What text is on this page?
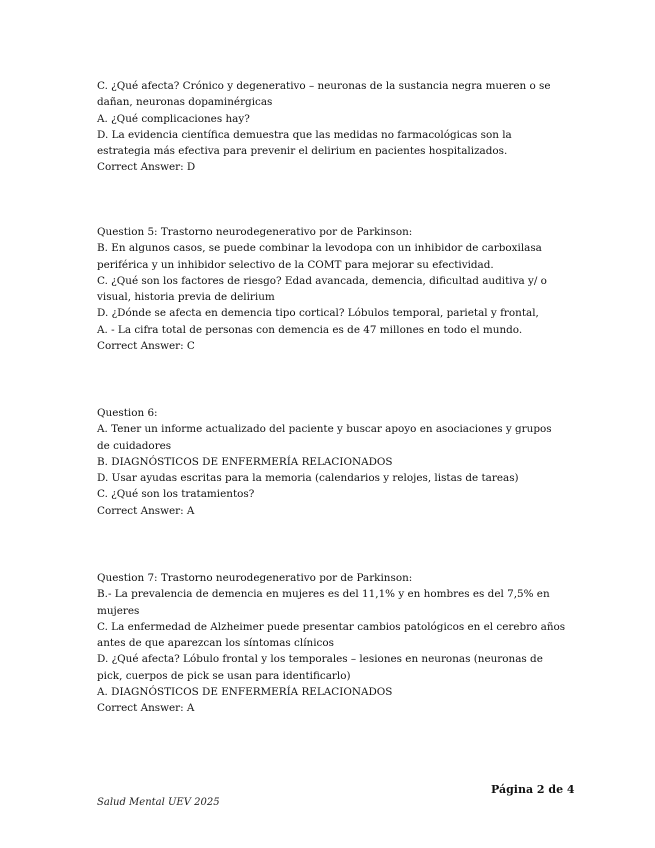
C. ¿Qué afecta? Crónico y degenerativo – neuronas de la sustancia negra mueren o se dañan, neuronas dopaminérgicas
A. ¿Qué complicaciones hay?
D. La evidencia científica demuestra que las medidas no farmacológicas son la estrategia más efectiva para prevenir el delirium en pacientes hospitalizados.
Correct Answer: D
Question 5: Trastorno neurodegenerativo por de Parkinson:
B. En algunos casos, se puede combinar la levodopa con un inhibidor de carboxilasa periférica y un inhibidor selectivo de la COMT para mejorar su efectividad.
C. ¿Qué son los factores de riesgo? Edad avancada, demencia, dificultad auditiva y/ o visual, historia previa de delirium
D. ¿Dónde se afecta en demencia tipo cortical? Lóbulos temporal, parietal y frontal,
A. - La cifra total de personas con demencia es de 47 millones en todo el mundo.
Correct Answer: C
Question 6:
A. Tener un informe actualizado del paciente y buscar apoyo en asociaciones y grupos de cuidadores
B. DIAGNÓSTICOS DE ENFERMERÍA RELACIONADOS
D. Usar ayudas escritas para la memoria (calendarios y relojes, listas de tareas)
C. ¿Qué son los tratamientos?
Correct Answer: A
Question 7: Trastorno neurodegenerativo por de Parkinson:
B.- La prevalencia de demencia en mujeres es del 11,1% y en hombres es del 7,5% en mujeres
C. La enfermedad de Alzheimer puede presentar cambios patológicos en el cerebro años antes de que aparezcan los síntomas clínicos
D. ¿Qué afecta? Lóbulo frontal y los temporales – lesiones en neuronas (neuronas de pick, cuerpos de pick se usan para identificarlo)
A. DIAGNÓSTICOS DE ENFERMERÍA RELACIONADOS
Correct Answer: A
Página 2 de 4
Salud Mental UEV 2025
